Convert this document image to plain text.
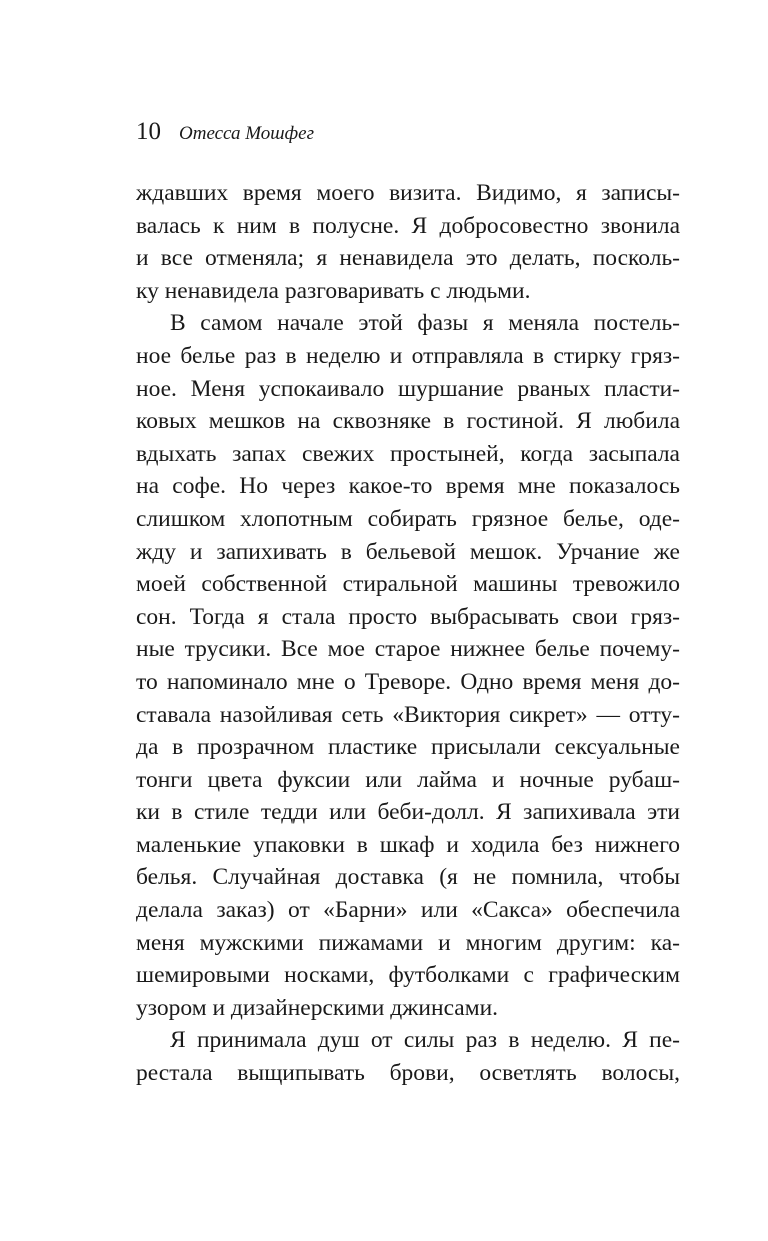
10 Отесса Мошфег
ждавших время моего визита. Видимо, я записы-
валась к ним в полусне. Я добросовестно звонила
и все отменяла; я ненавидела это делать, посколь-
ку ненавидела разговаривать с людьми.
В самом начале этой фазы я меняла постель-
ное белье раз в неделю и отправляла в стирку гряз-
ное. Меня успокаивало шуршание рваных пласти-
ковых мешков на сквозняке в гостиной. Я любила
вдыхать запах свежих простыней, когда засыпала
на софе. Но через какое-то время мне показалось
слишком хлопотным собирать грязное белье, оде-
жду и запихивать в бельевой мешок. Урчание же
моей собственной стиральной машины тревожило
сон. Тогда я стала просто выбрасывать свои гряз-
ные трусики. Все мое старое нижнее белье почему-
то напоминало мне о Треворе. Одно время меня до-
ставала назойливая сеть «Виктория сикрет» — отту-
да в прозрачном пластике присылали сексуальные
тонги цвета фуксии или лайма и ночные рубаш-
ки в стиле тедди или беби-долл. Я запихивала эти
маленькие упаковки в шкаф и ходила без нижнего
белья. Случайная доставка (я не помнила, чтобы
делала заказ) от «Барни» или «Сакса» обеспечила
меня мужскими пижамами и многим другим: ка-
шемировыми носками, футболками с графическим
узором и дизайнерскими джинсами.
Я принимала душ от силы раз в неделю. Я пе-
рестала выщипывать брови, осветлять волосы,
